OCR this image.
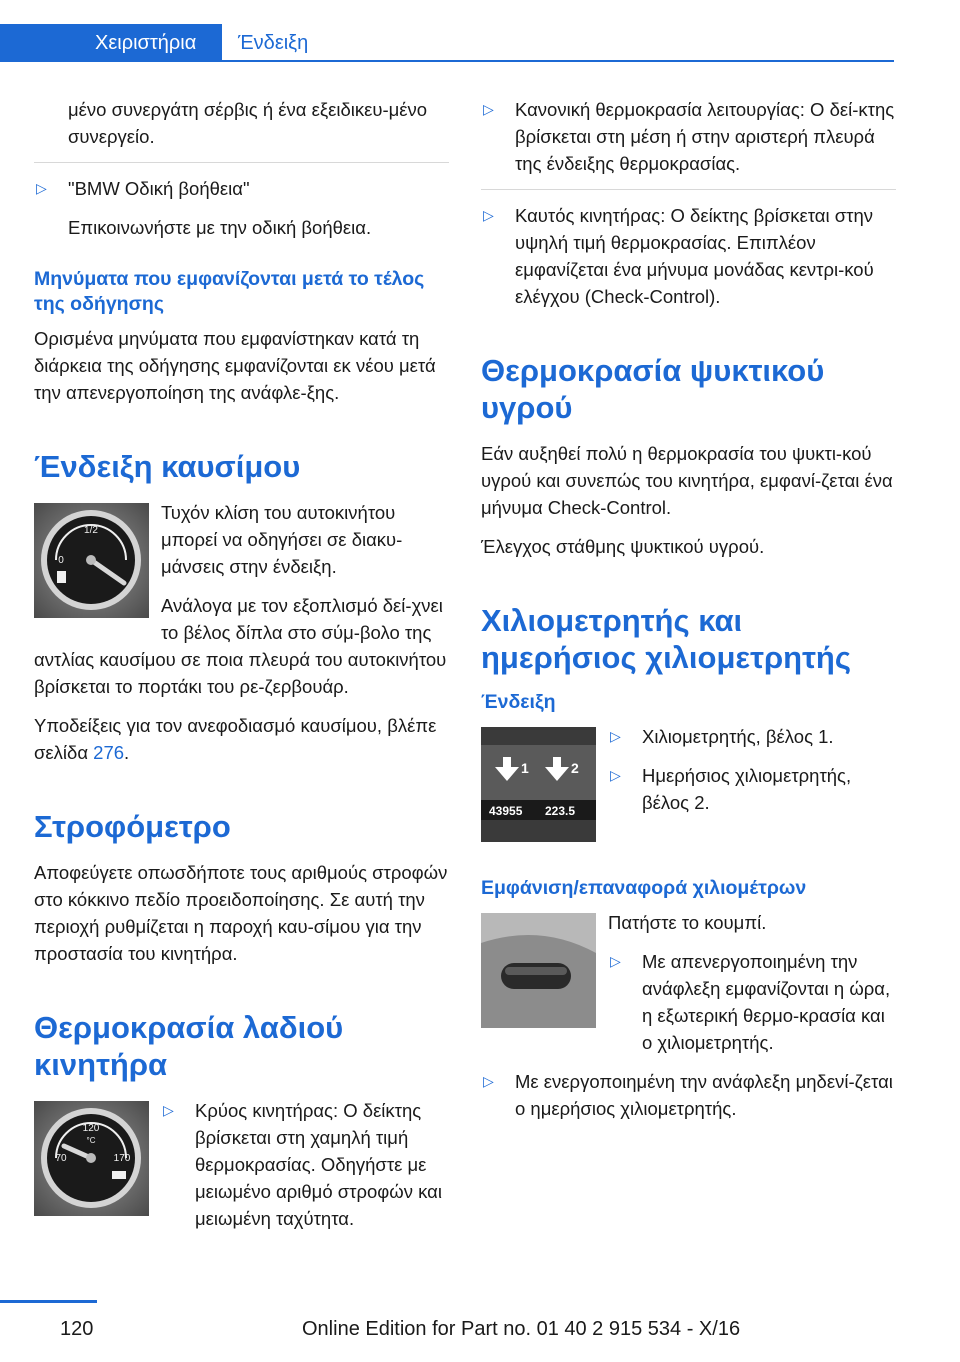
Χειριστήρια	Ένδειξη

μένο συνεργάτη σέρβις ή ένα εξειδικευ‐μένο συνεργείο.

▷ "BMW Οδική βοήθεια"

Επικοινωνήστε με την οδική βοήθεια.

Μηνύματα που εμφανίζονται μετά το τέλος της οδήγησης

Ορισμένα μηνύματα που εμφανίστηκαν κατά τη διάρκεια της οδήγησης εμφανίζονται εκ νέου μετά την απενεργοποίηση της ανάφλε‐ξης.

Ένδειξη καυσίμου
1/2
0

Τυχόν κλίση του αυτοκινήτου μπορεί να οδηγήσει σε διακυ‐μάνσεις στην ένδειξη.

Ανάλογα με τον εξοπλισμό δεί‐χνει το βέλος δίπλα στο σύμ‐βολο της αντλίας καυσίμου σε ποια πλευρά του αυτοκινήτου βρίσκεται το πορτάκι του ρε‐ζερβουάρ.

Υποδείξεις για τον ανεφοδιασμό καυσίμου, βλέπε σελίδα 276.

Στροφόμετρο

Αποφεύγετε οπωσδήποτε τους αριθμούς στροφών στο κόκκινο πεδίο προειδοποίησης. Σε αυτή την περιοχή ρυθμίζεται η παροχή καυ‐σίμου για την προστασία του κινητήρα.

Θερμοκρασία λαδιού κινητήρα
120
°C
70	170
▷ Κρύος κινητήρας: Ο δείκτης βρίσκεται στη χαμηλή τιμή θερμοκρασίας. Οδηγήστε με μειωμένο αριθμό στροφών και μειωμένη ταχύτητα.
▷ Κανονική θερμοκρασία λειτουργίας: Ο δεί‐κτης βρίσκεται στη μέση ή στην αριστερή πλευρά της ένδειξης θερμοκρασίας.
▷ Καυτός κινητήρας: Ο δείκτης βρίσκεται στην υψηλή τιμή θερμοκρασίας. Επιπλέον εμφανίζεται ένα μήνυμα μονάδας κεντρι‐κού ελέγχου (Check-Control).
Θερμοκρασία ψυκτικού υγρού

Εάν αυξηθεί πολύ η θερμοκρασία του ψυκτι‐κού υγρού και συνεπώς του κινητήρα, εμφανί‐ζεται ένα μήνυμα Check-Control.

Έλεγχος στάθμης ψυκτικού υγρού.

Χιλιομετρητής και ημερήσιος χιλιομετρητής
Ένδειξη
1	2
43955 223.5
▷ Χιλιομετρητής, βέλος 1.
▷ Ημερήσιος χιλιομετρητής, βέλος 2.
Εμφάνιση/επαναφορά χιλιομέτρων

Πατήστε το κουμπί.

▷ Με απενεργοποιημένη την ανάφλεξη εμφανίζονται η ώρα, η εξωτερική θερμο‐κρασία και ο χιλιομετρητής.
▷ Με ενεργοποιημένη την ανάφλεξη μηδενί‐ζεται ο ημερήσιος χιλιομετρητής.
120	Online Edition for Part no. 01 40 2 915 534 - X/16
